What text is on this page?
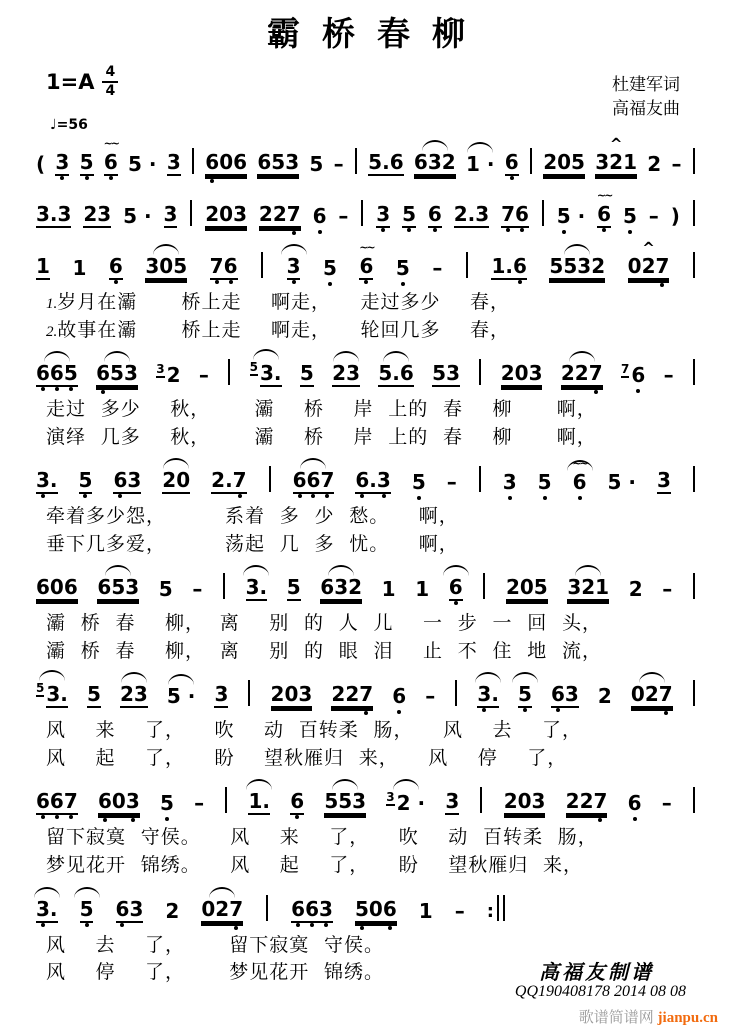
霸桥春柳
$1=A \frac{4}{4}$	杜建军词
高福友曲
♩=56
( 3 5 6
~~
5 · 3 606 653 5 – 5.6 632 1 · 6 205
^
321 2 –
3.3 23 5 · 3 203 227 6 – 3 5 6 2.3 76 5 · 6
~~
5 – )
1 1 6 305 76 3 5 6
~~
5 – 1.6 5532
^
027
1.岁月在灞   桥上走  啊走，  走过多少  春，
2.故事在灞   桥上走  啊走，  轮回几多  春，
665 653 $^3$ 2 –	$^5$ 3. 5 23 5.6 53 203 227 $^7$ 6 –
走过 多少  秋，   灞  桥  岸 上的 春  柳   啊，
演绎 几多  秋，   灞  桥  岸 上的 春  柳   啊，
3. 5 63 20 2.7 667 6.3 5 – 3 5 6
~~
5 · 3
牵着多少怨，    系着 多 少 愁。  啊，
垂下几多爱，    荡起 几 多 忧。  啊，
606 653 5 – 3. 5 632 1 1 6 205 321 2 –
灞 桥 春  柳， 离  别 的 人 儿  一 步 一 回 头，
灞 桥 春  柳， 离  别 的 眼 泪  止 不 住 地 流，
$^5$ 3. 5 23 5 · 3 203 227 6 – 3. 5 63 2 027
风  来  了，  吹  动 百转柔 肠，  风  去  了，
风  起  了，  盼  望秋雁归 来，  风  停  了，
667 603 5 – 1. 6 553 $^3$ 2 · 3 203 227 6 –
留下寂寞 守侯。  风  来  了，  吹  动 百转柔 肠，
梦见花开 锦绣。  风  起  了，  盼  望秋雁归 来，
3. 5 63 2 027 663 506 1 – :
风  去  了，   留下寂寞 守侯。
风  停  了，   梦见花开 锦绣。	高福友制谱
QQ190408178 2014 08 08
歌谱简谱网 jianpu.cn
